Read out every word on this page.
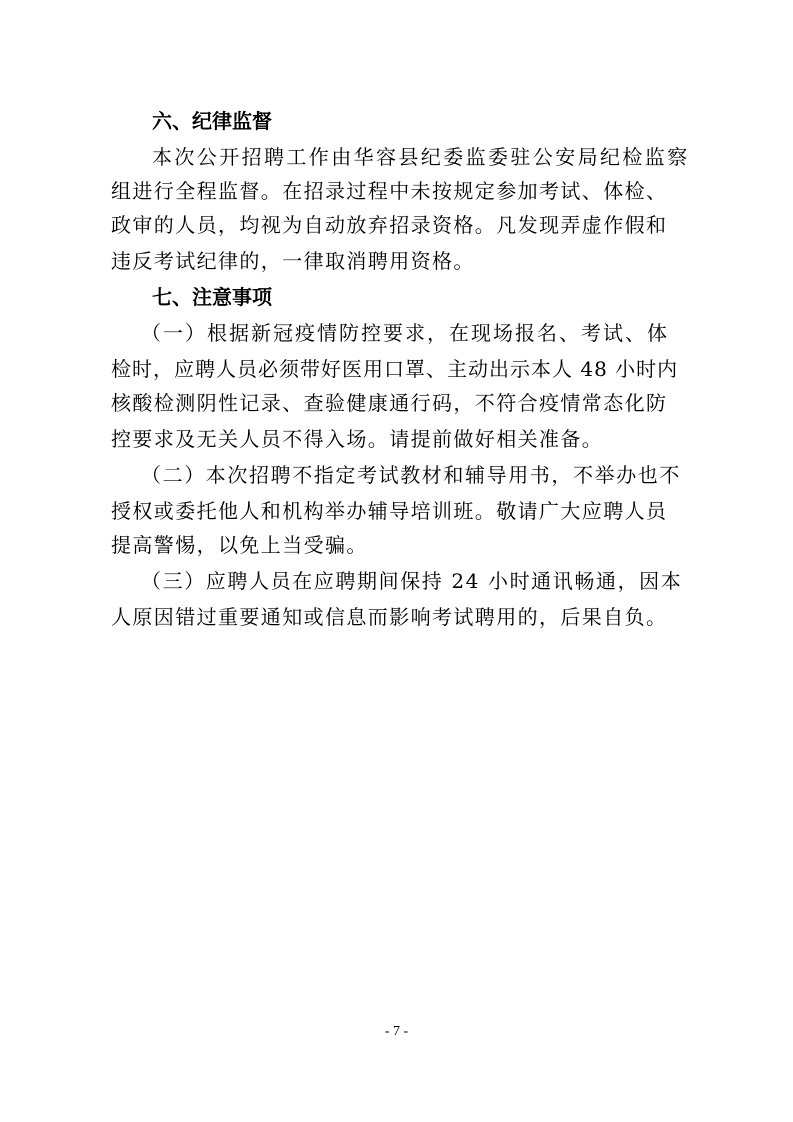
六、纪律监督
本次公开招聘工作由华容县纪委监委驻公安局纪检监察
组进行全程监督。在招录过程中未按规定参加考试、体检、
政审的人员，均视为自动放弃招录资格。凡发现弄虚作假和
违反考试纪律的，一律取消聘用资格。
七、注意事项
（一）根据新冠疫情防控要求，在现场报名、考试、体
检时，应聘人员必须带好医用口罩、主动出示本人 48 小时内
核酸检测阴性记录、查验健康通行码，不符合疫情常态化防
控要求及无关人员不得入场。请提前做好相关准备。
（二）本次招聘不指定考试教材和辅导用书，不举办也不
授权或委托他人和机构举办辅导培训班。敬请广大应聘人员
提高警惕，以免上当受骗。
（三）应聘人员在应聘期间保持 24 小时通讯畅通，因本
人原因错过重要通知或信息而影响考试聘用的，后果自负。
- 7 -
